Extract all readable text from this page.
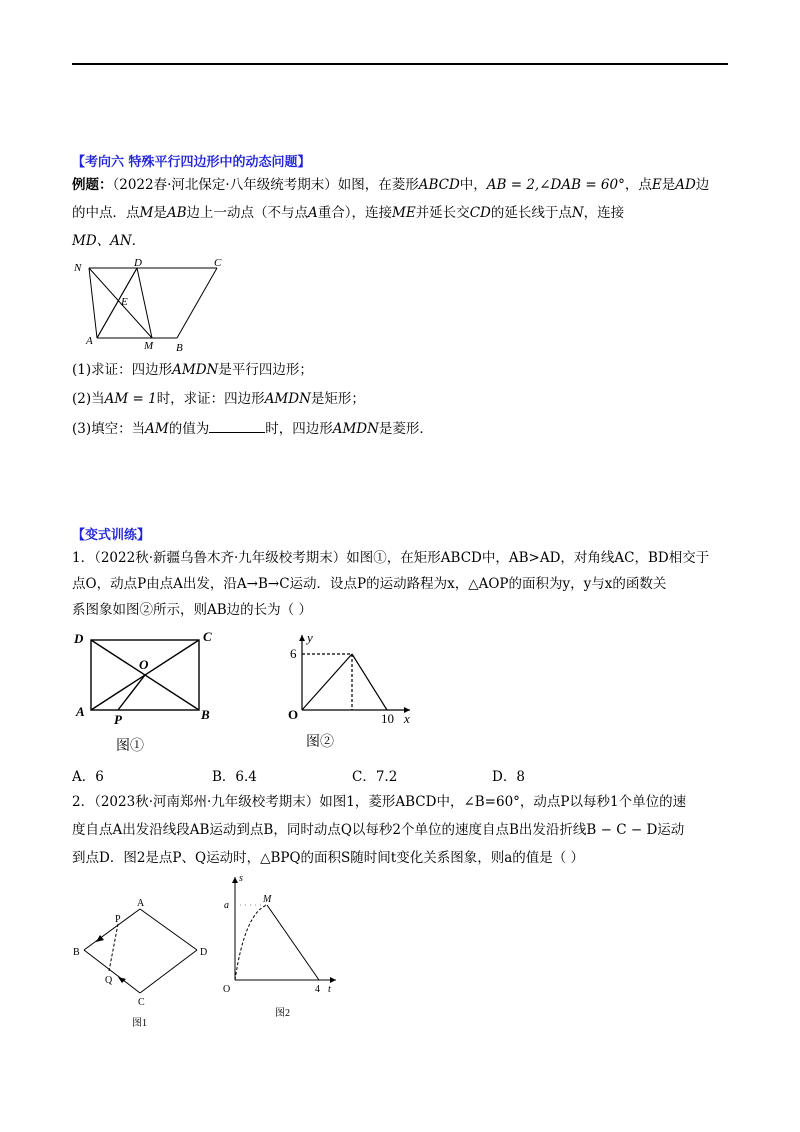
【考向六 特殊平行四边形中的动态问题】
例题：（2022春·河北保定·八年级统考期末）如图，在菱形ABCD中，AB = 2,∠DAB = 60°，点E是AD边
的中点．点M是AB边上一动点（不与点A重合），连接ME并延长交CD的延长线于点N，连接
MD、AN．
N	D	C
E
A	M B
(1)求证：四边形AMDN是平行四边形；
(2)当AM = 1时，求证：四边形AMDN是矩形；
(3)填空：当AM的值为	时，四边形AMDN是菱形．
【变式训练】
1．（2022秋·新疆乌鲁木齐·九年级校考期末）如图①，在矩形ABCD中，AB>AD，对角线AC，BD相交于
点O，动点P由点A出发，沿A→B→C运动．设点P的运动路程为x，△AOP的面积为y，y与x的函数关
系图象如图②所示，则AB边的长为（ ）
D	C
O
A
P	B
图①
y
6
O	10 x
图②
A．6	B．6.4	C．7.2	D．8
2．（2023秋·河南郑州·九年级校考期末）如图1，菱形ABCD中，∠B=60°，动点P以每秒1个单位的速
度自点A出发沿线段AB运动到点B，同时动点Q以每秒2个单位的速度自点B出发沿折线B − C − D运动
到点D．图2是点P、Q运动时，△BPQ的面积S随时间t变化关系图象，则a的值是（ ）
A
P
B	D
Q
C
图1
s
a
M
O	4 t
图2
